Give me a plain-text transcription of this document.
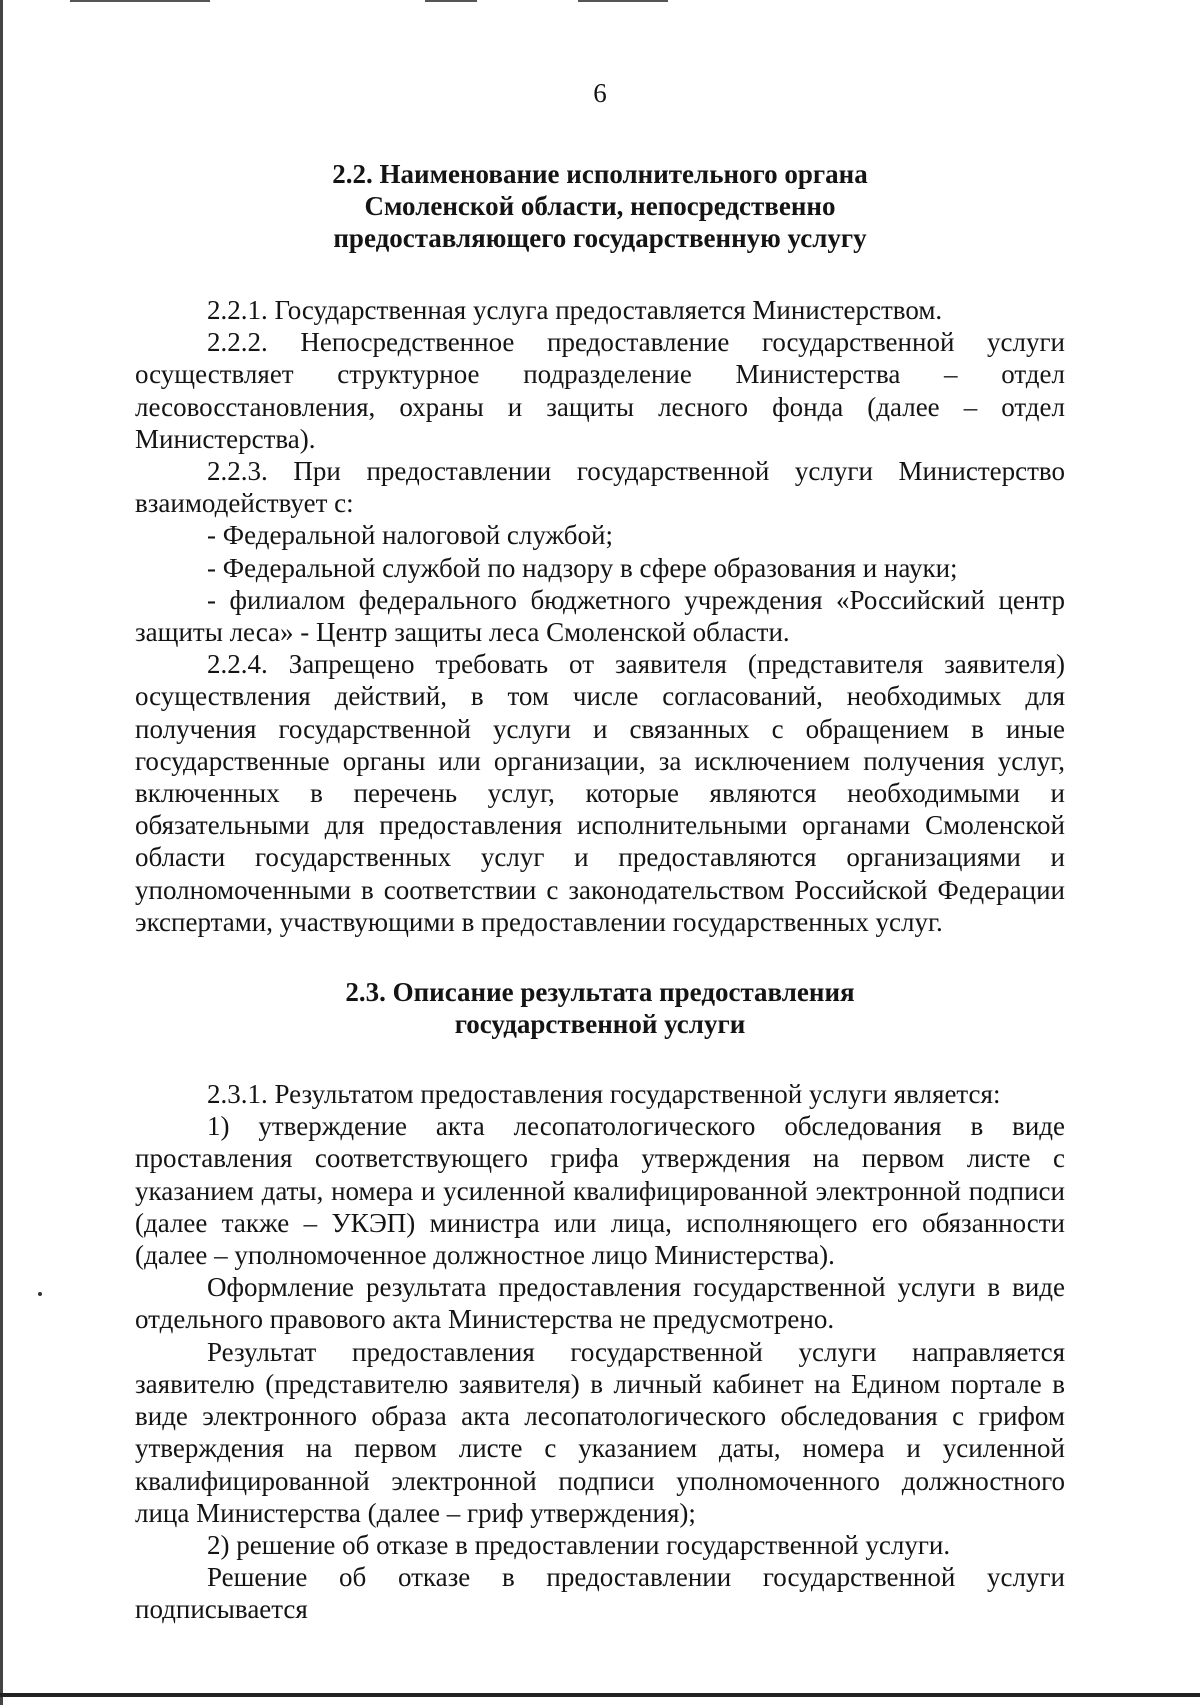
6
2.2. Наименование исполнительного органа
Смоленской области, непосредственно
предоставляющего государственную услугу

2.2.1. Государственная услуга предоставляется Министерством.

2.2.2. Непосредственное предоставление государственной услуги осуществляет структурное подразделение Министерства – отдел лесовосстановления, охраны и защиты лесного фонда (далее – отдел Министерства).

2.2.3. При предоставлении государственной услуги Министерство взаимодействует с:

- Федеральной налоговой службой;

- Федеральной службой по надзору в сфере образования и науки;

- филиалом федерального бюджетного учреждения «Российский центр защиты леса» - Центр защиты леса Смоленской области.

2.2.4. Запрещено требовать от заявителя (представителя заявителя) осуществления действий, в том числе согласований, необходимых для получения государственной услуги и связанных с обращением в иные государственные органы или организации, за исключением получения услуг, включенных в перечень услуг, которые являются необходимыми и обязательными для предоставления исполнительными органами Смоленской области государственных услуг и предоставляются организациями и уполномоченными в соответствии с законодательством Российской Федерации экспертами, участвующими в предоставлении государственных услуг.

2.3. Описание результата предоставления
государственной услуги

2.3.1. Результатом предоставления государственной услуги является:

1) утверждение акта лесопатологического обследования в виде проставления соответствующего грифа утверждения на первом листе с указанием даты, номера и усиленной квалифицированной электронной подписи (далее также – УКЭП) министра или лица, исполняющего его обязанности (далее – уполномоченное должностное лицо Министерства).

Оформление результата предоставления государственной услуги в виде отдельного правового акта Министерства не предусмотрено.

Результат предоставления государственной услуги направляется заявителю (представителю заявителя) в личный кабинет на Едином портале в виде электронного образа акта лесопатологического обследования с грифом утверждения на первом листе с указанием даты, номера и усиленной квалифицированной электронной подписи уполномоченного должностного лица Министерства (далее – гриф утверждения);

2) решение об отказе в предоставлении государственной услуги.

Решение об отказе в предоставлении государственной услуги подписывается
